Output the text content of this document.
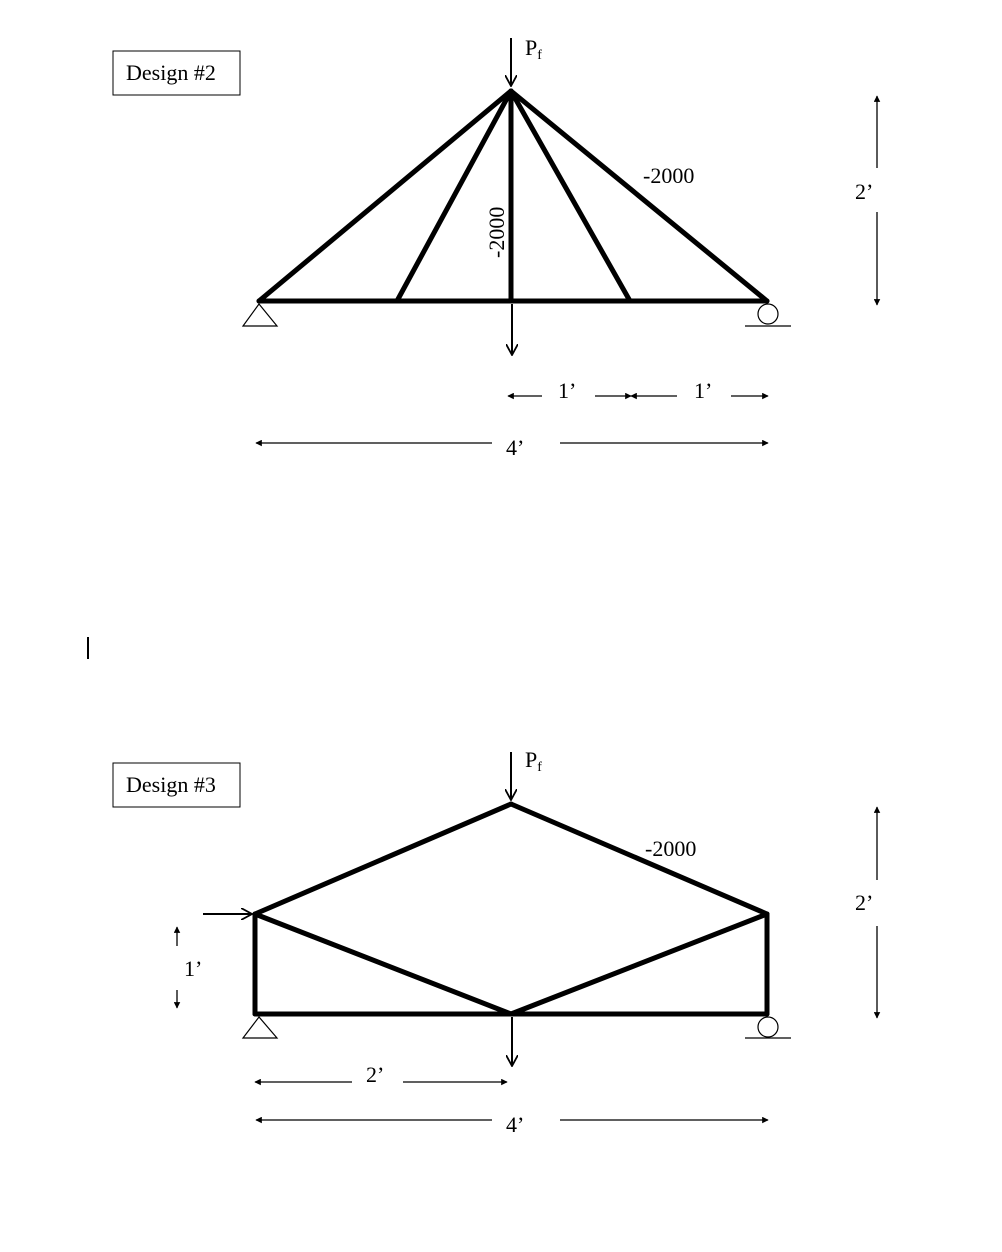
Design #2
Pf
-2000
-2000
2’
1’	1’
4’
Design #3
Pf
-2000
2’
1’
2’
4’
